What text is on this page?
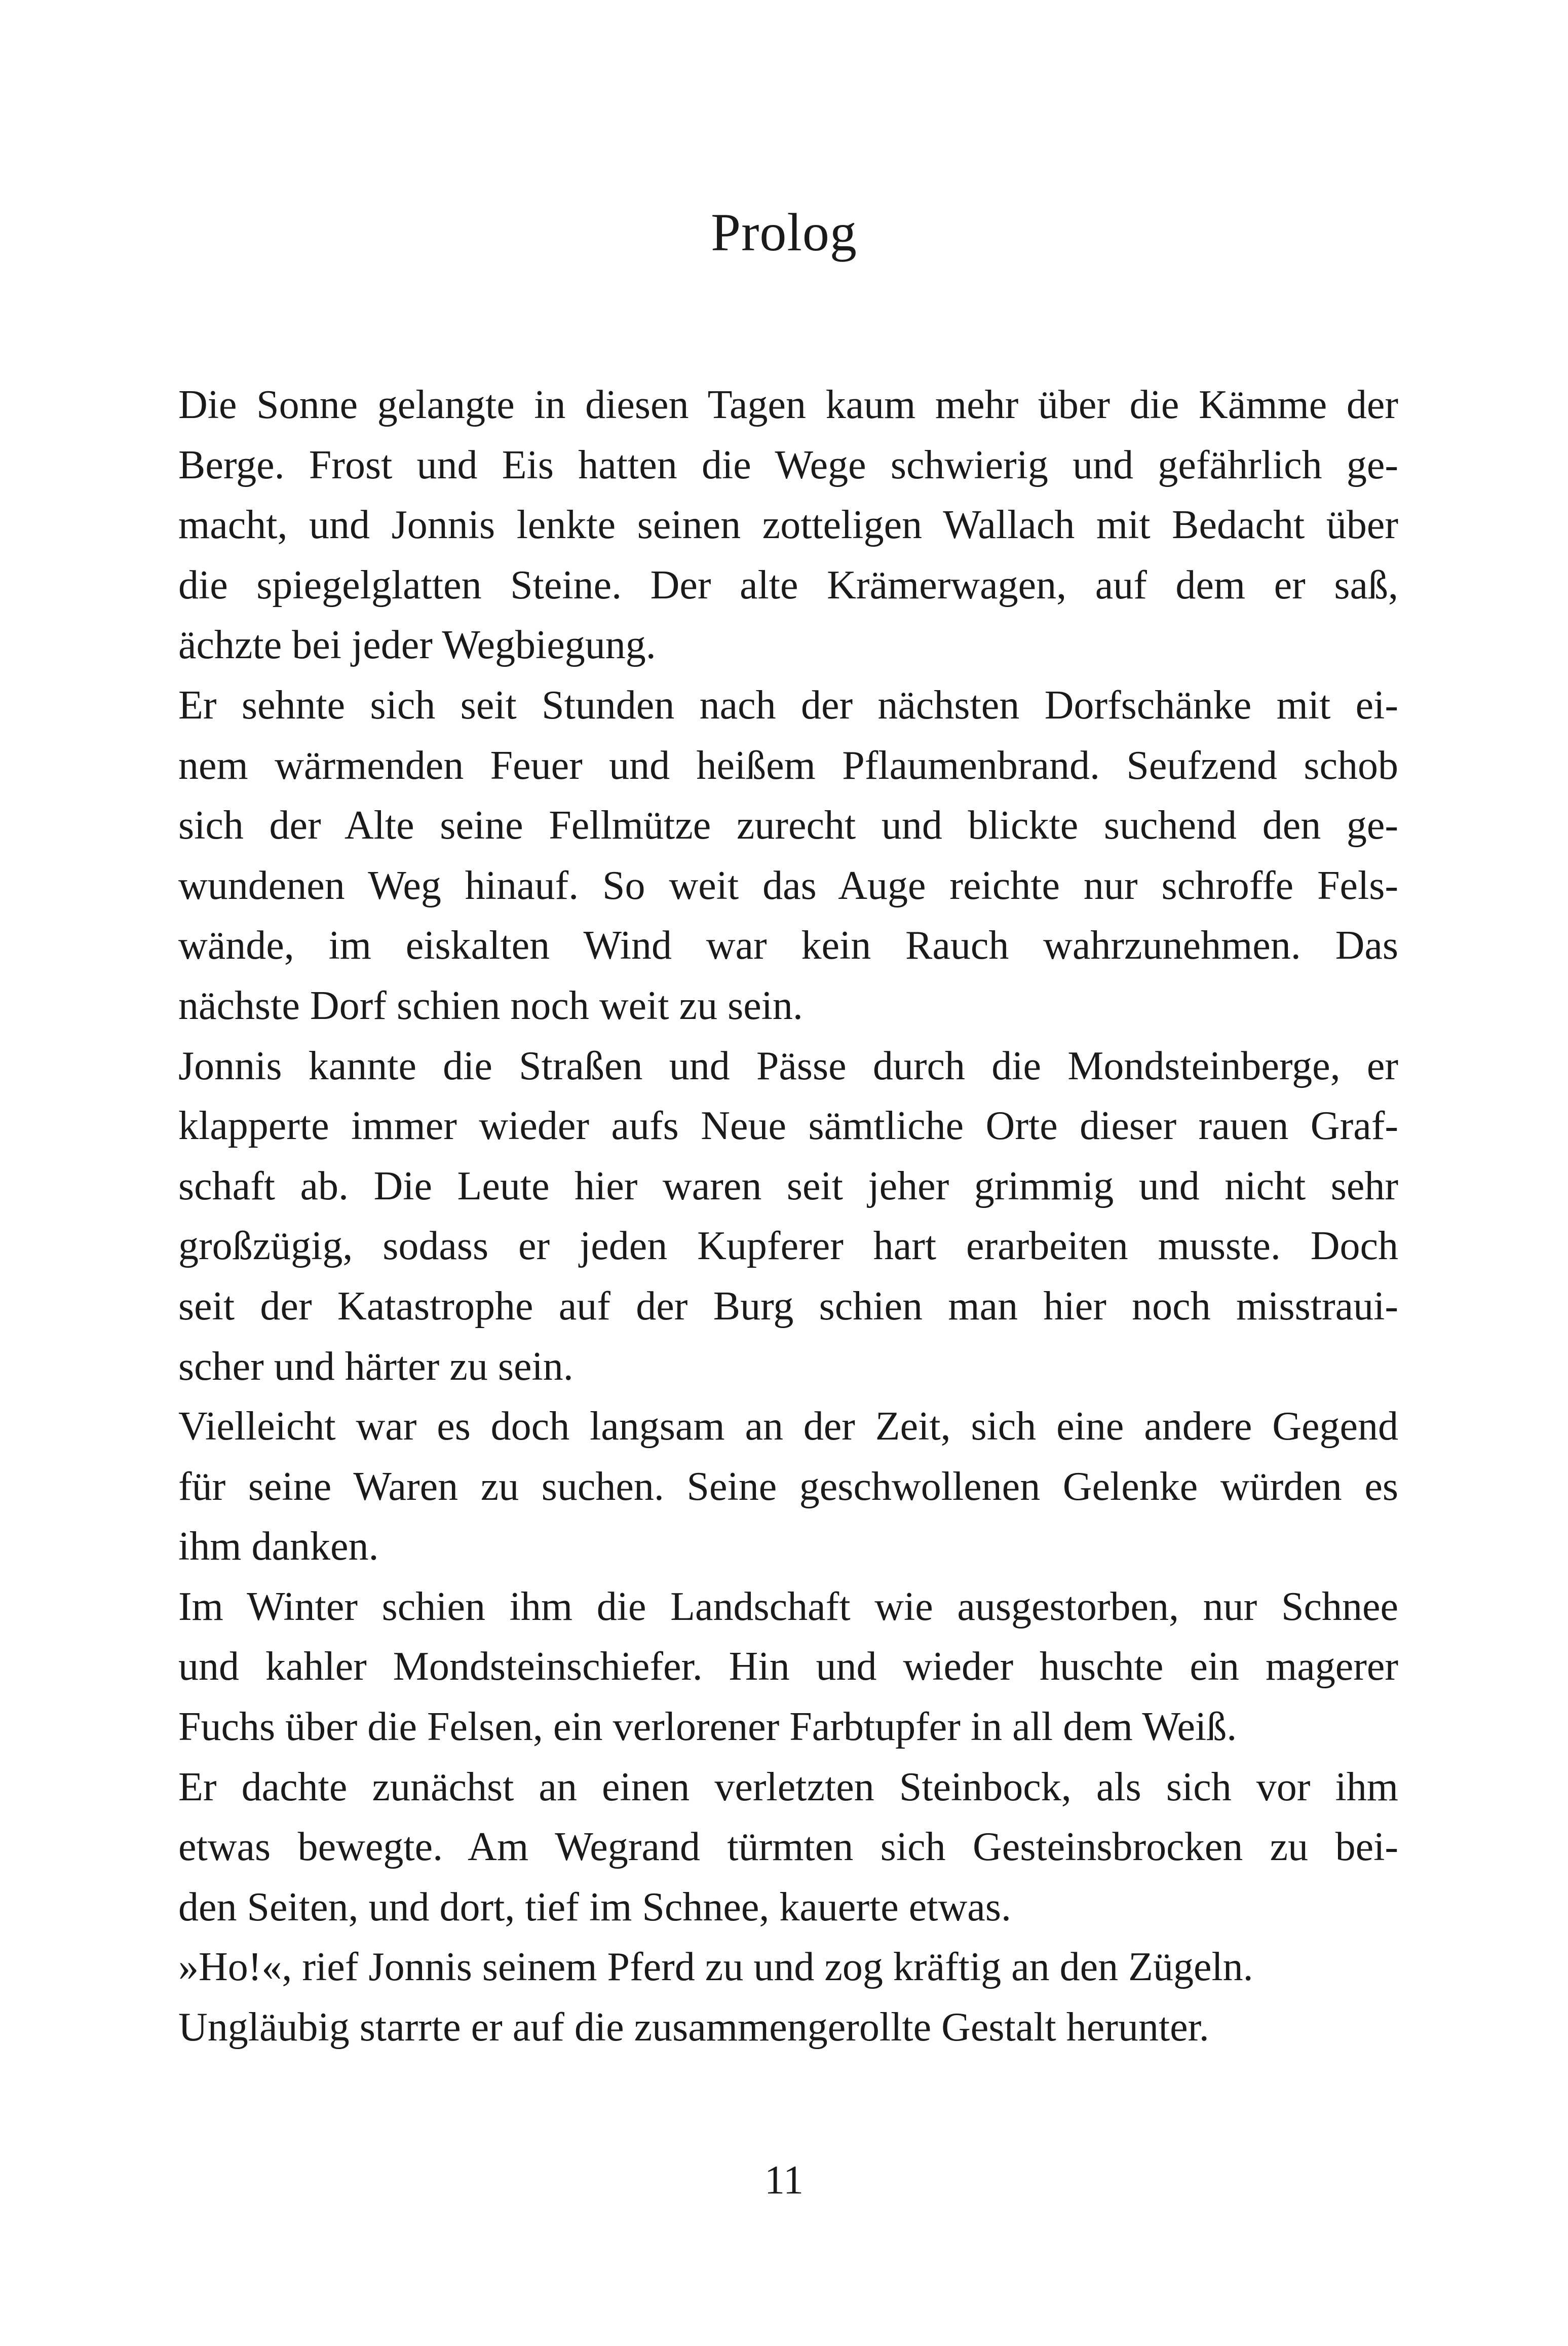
Prolog
Die Sonne gelangte in diesen Tagen kaum mehr über die Kämme der
Berge. Frost und Eis hatten die Wege schwierig und gefährlich ge-
macht, und Jonnis lenkte seinen zotteligen Wallach mit Bedacht über
die spiegelglatten Steine. Der alte Krämerwagen, auf dem er saß,
ächzte bei jeder Wegbiegung.
Er sehnte sich seit Stunden nach der nächsten Dorfschänke mit ei-
nem wärmenden Feuer und heißem Pflaumenbrand. Seufzend schob
sich der Alte seine Fellmütze zurecht und blickte suchend den ge-
wundenen Weg hinauf. So weit das Auge reichte nur schroffe Fels-
wände, im eiskalten Wind war kein Rauch wahrzunehmen. Das
nächste Dorf schien noch weit zu sein.
Jonnis kannte die Straßen und Pässe durch die Mondsteinberge, er
klapperte immer wieder aufs Neue sämtliche Orte dieser rauen Graf-
schaft ab. Die Leute hier waren seit jeher grimmig und nicht sehr
großzügig, sodass er jeden Kupferer hart erarbeiten musste. Doch
seit der Katastrophe auf der Burg schien man hier noch misstraui-
scher und härter zu sein.
Vielleicht war es doch langsam an der Zeit, sich eine andere Gegend
für seine Waren zu suchen. Seine geschwollenen Gelenke würden es
ihm danken.
Im Winter schien ihm die Landschaft wie ausgestorben, nur Schnee
und kahler Mondsteinschiefer. Hin und wieder huschte ein magerer
Fuchs über die Felsen, ein verlorener Farbtupfer in all dem Weiß.
Er dachte zunächst an einen verletzten Steinbock, als sich vor ihm
etwas bewegte. Am Wegrand türmten sich Gesteinsbrocken zu bei-
den Seiten, und dort, tief im Schnee, kauerte etwas.
»Ho!«, rief Jonnis seinem Pferd zu und zog kräftig an den Zügeln.
Ungläubig starrte er auf die zusammengerollte Gestalt herunter.
11
